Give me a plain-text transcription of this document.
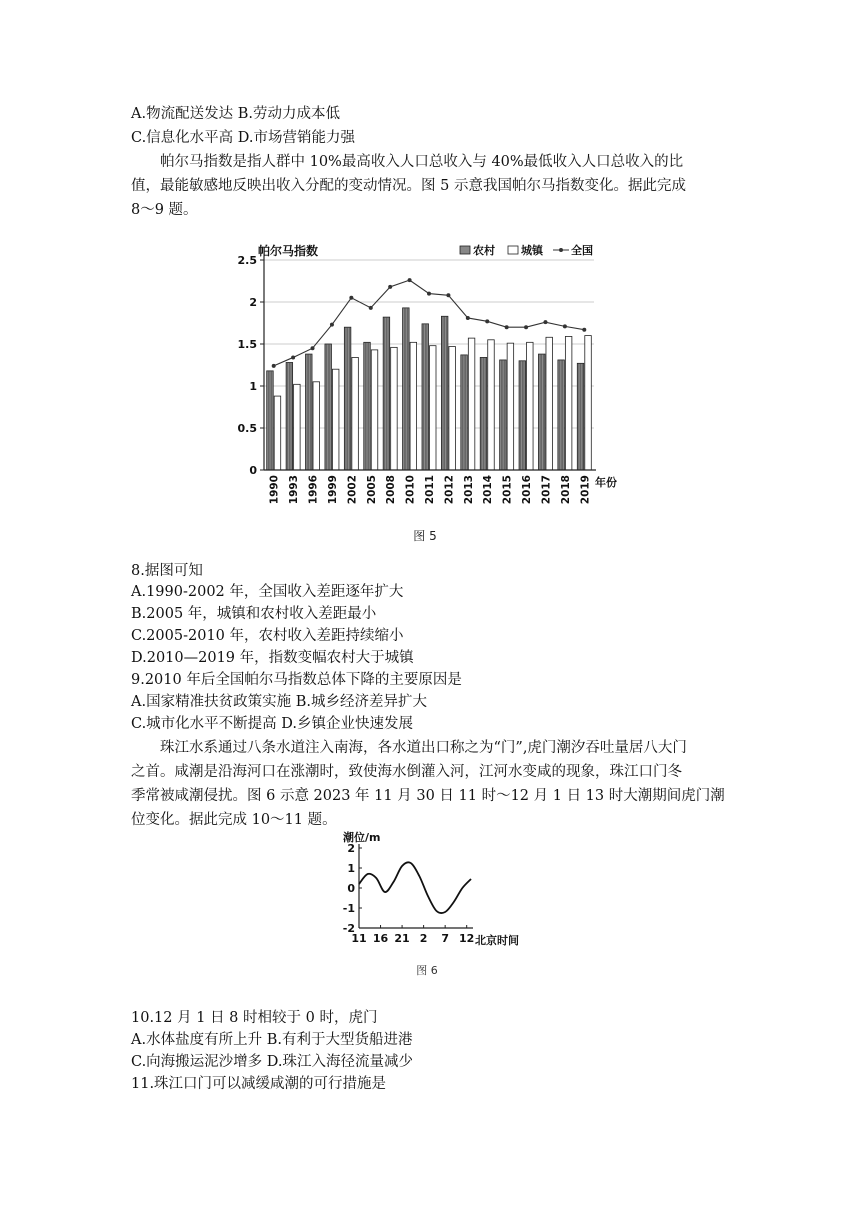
A.物流配送发达 B.劳动力成本低
C.信息化水平高 D.市场营销能力强
帕尔马指数是指人群中 10%最高收入人口总收入与 40%最低收入人口总收入的比
值，最能敏感地反映出收入分配的变动情况。图 5 示意我国帕尔马指数变化。据此完成
8～9 题。
帕尔马指数	农村 城镇	全国
0
0.5
1
1.5
2
2.5
1990 1993 1996 1999 2002 2005 2008 2010 2011 2012 2013 2014 2015 2016 2017 2018 2019 年份
图 5
8.据图可知
A.1990-2002 年，全国收入差距逐年扩大
B.2005 年，城镇和农村收入差距最小
C.2005-2010 年，农村收入差距持续缩小
D.2010—2019 年，指数变幅农村大于城镇
9.2010 年后全国帕尔马指数总体下降的主要原因是
A.国家精准扶贫政策实施 B.城乡经济差异扩大
C.城市化水平不断提高 D.乡镇企业快速发展
珠江水系通过八条水道注入南海，各水道出口称之为“门”,虎门潮汐吞吐量居八大门
之首。咸潮是沿海河口在涨潮时，致使海水倒灌入河，江河水变咸的现象，珠江口门冬
季常被咸潮侵扰。图 6 示意 2023 年 11 月 30 日 11 时～12 月 1 日 13 时大潮期间虎门潮
位变化。据此完成 10～11 题。
潮位/m
-2
-1
0
1
2
11 16 21 2 7 12 北京时间
图 6
10.12 月 1 日 8 时相较于 0 时，虎门
A.水体盐度有所上升 B.有利于大型货船进港
C.向海搬运泥沙增多 D.珠江入海径流量减少
11.珠江口门可以减缓咸潮的可行措施是
